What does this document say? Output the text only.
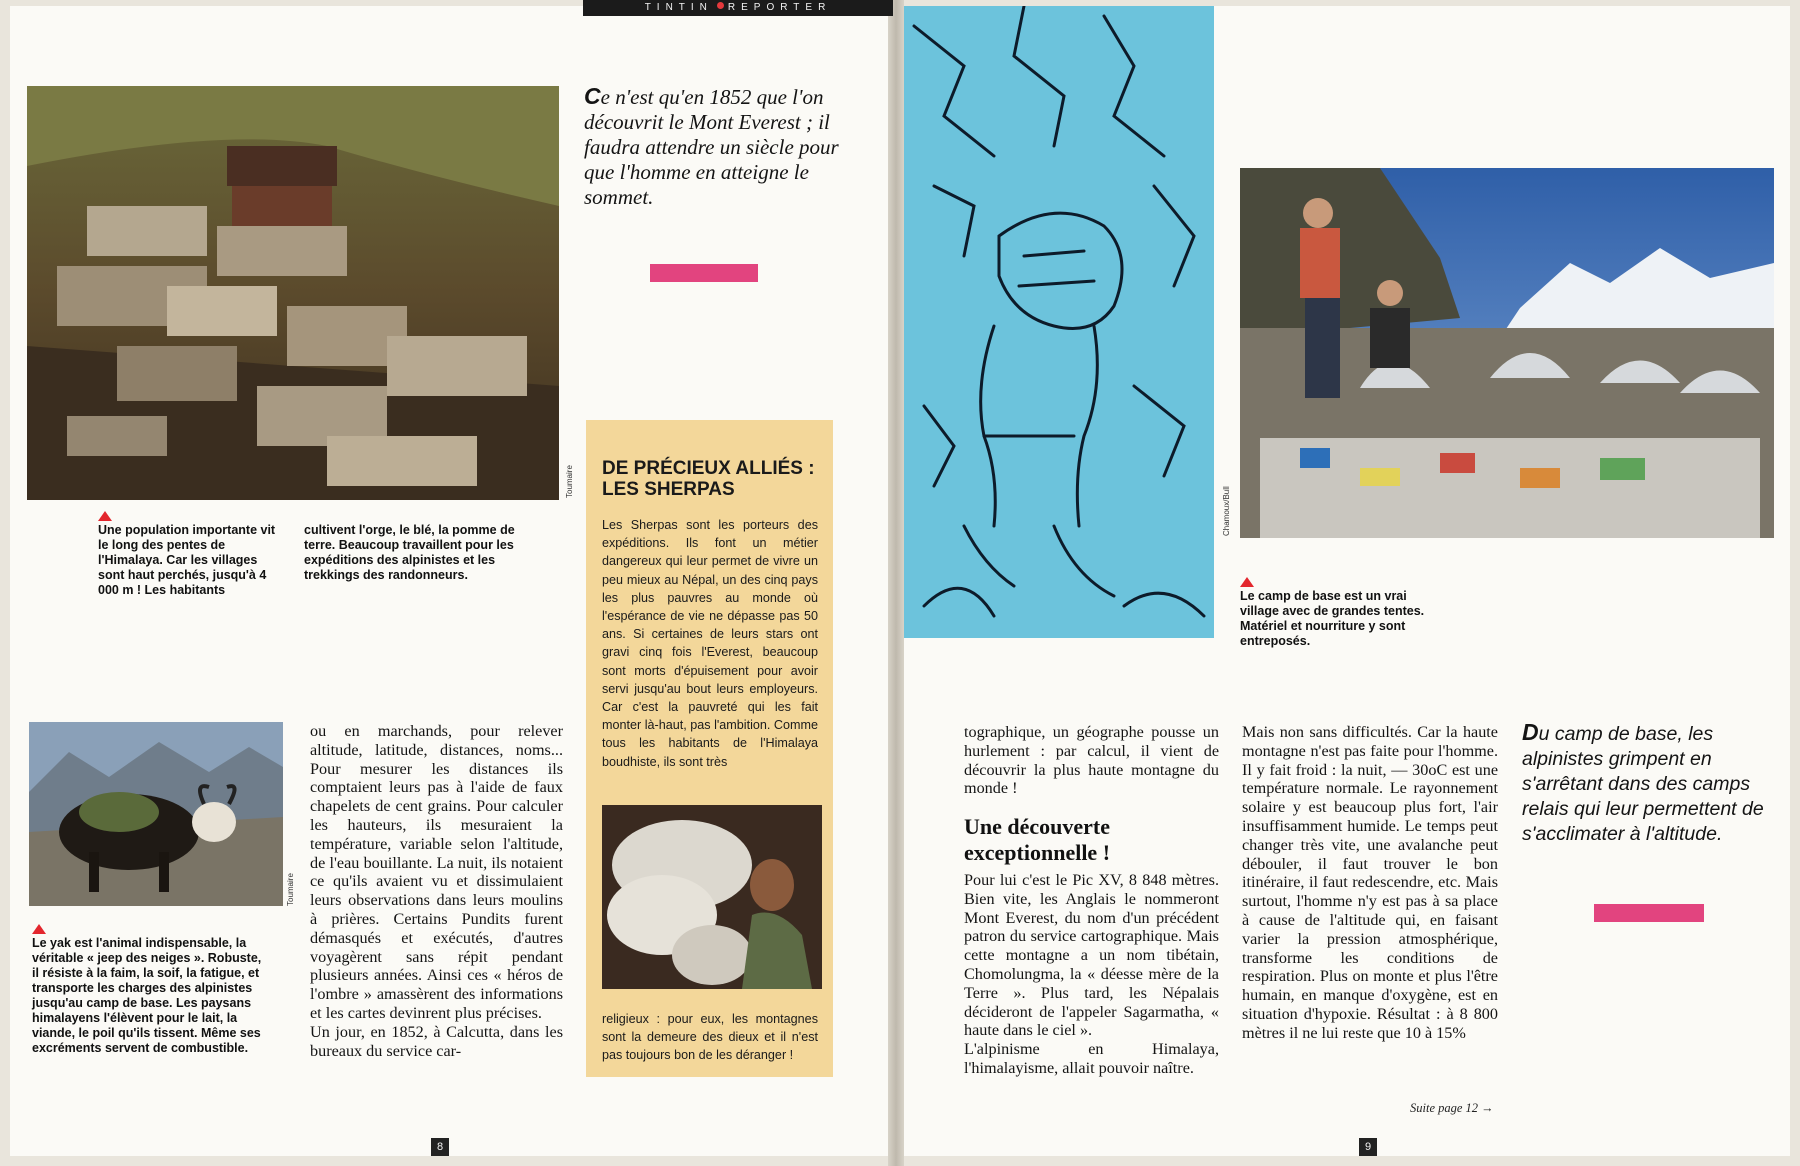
Toumaire
Une population importante vit le long des pentes de l'Himalaya. Car les villages sont haut perchés, jusqu'à 4 000 m ! Les habitants
cultivent l'orge, le blé, la pomme de terre. Beaucoup travaillent pour les expéditions des alpinistes et les trekkings des randonneurs.
Ce n'est qu'en 1852 que l'on découvrit le Mont Everest ; il faudra attendre un siècle pour que l'homme en atteigne le sommet.
Toumaire
Le yak est l'animal indispensable, la véritable « jeep des neiges ». Robuste, il résiste à la faim, la soif, la fatigue, et transporte les charges des alpinistes jusqu'au camp de base. Les paysans himalayens l'élèvent pour le lait, la viande, le poil qu'ils tissent. Même ses excréments servent de combustible.

ou en marchands, pour relever altitude, latitude, distances, noms... Pour mesurer les distances ils comptaient leurs pas à l'aide de faux chapelets de cent grains. Pour calculer les hauteurs, ils mesuraient la température, variable selon l'altitude, de l'eau bouillante. La nuit, ils notaient ce qu'ils avaient vu et dissimulaient leurs observations dans leurs moulins à prières. Certains Pundits furent démasqués et exécutés, d'autres voyagèrent sans répit pendant plusieurs années. Ainsi ces « héros de l'ombre » amassèrent des informations et les cartes devinrent plus précises.

Un jour, en 1852, à Calcutta, dans les bureaux du service car-

DE PRÉCIEUX ALLIÉS : LES SHERPAS
Les Sherpas sont les porteurs des expéditions. Ils font un métier dangereux qui leur permet de vivre un peu mieux au Népal, un des cinq pays les plus pauvres au monde où l'espérance de vie ne dépasse pas 50 ans. Si certaines de leurs stars ont gravi cinq fois l'Everest, beaucoup sont morts d'épuisement pour avoir servi jusqu'au bout leurs employeurs. Car c'est la pauvreté qui les fait monter là-haut, pas l'ambition. Comme tous les habitants de l'Himalaya boudhiste, ils sont très
religieux : pour eux, les montagnes sont la demeure des dieux et il n'est pas toujours bon de les déranger !
8
TINTIN REPORTER
Chamoux/Bull
Le camp de base est un vrai village avec de grandes tentes. Matériel et nourriture y sont entreposés.

tographique, un géographe pousse un hurlement : par calcul, il vient de découvrir la plus haute montagne du monde !

Une découverte exceptionnelle !

Pour lui c'est le Pic XV, 8 848 mètres. Bien vite, les Anglais le nommeront Mont Everest, du nom d'un précédent patron du service cartographique. Mais cette montagne a un nom tibétain, Chomolungma, la « déesse mère de la Terre ». Plus tard, les Népalais décideront de l'appeler Sagarmatha, « haute dans le ciel ».

L'alpinisme en Himalaya, l'himalayisme, allait pouvoir naître.

Mais non sans difficultés. Car la haute montagne n'est pas faite pour l'homme. Il y fait froid : la nuit, — 30oC est une température normale. Le rayonnement solaire y est beaucoup plus fort, l'air insuffisamment humide. Le temps peut changer très vite, une avalanche peut débouler, il faut trouver le bon itinéraire, il faut redescendre, etc. Mais surtout, l'homme n'y est pas à sa place à cause de l'altitude qui, en faisant varier la pression atmosphérique, transforme les conditions de respiration. Plus on monte et plus l'être humain, en manque d'oxygène, est en situation d'hypoxie. Résultat : à 8 800 mètres il ne lui reste que 10 à 15%

Suite page 12 →
Du camp de base, les alpinistes grimpent en s'arrêtant dans des camps relais qui leur permettent de s'acclimater à l'altitude.
9
